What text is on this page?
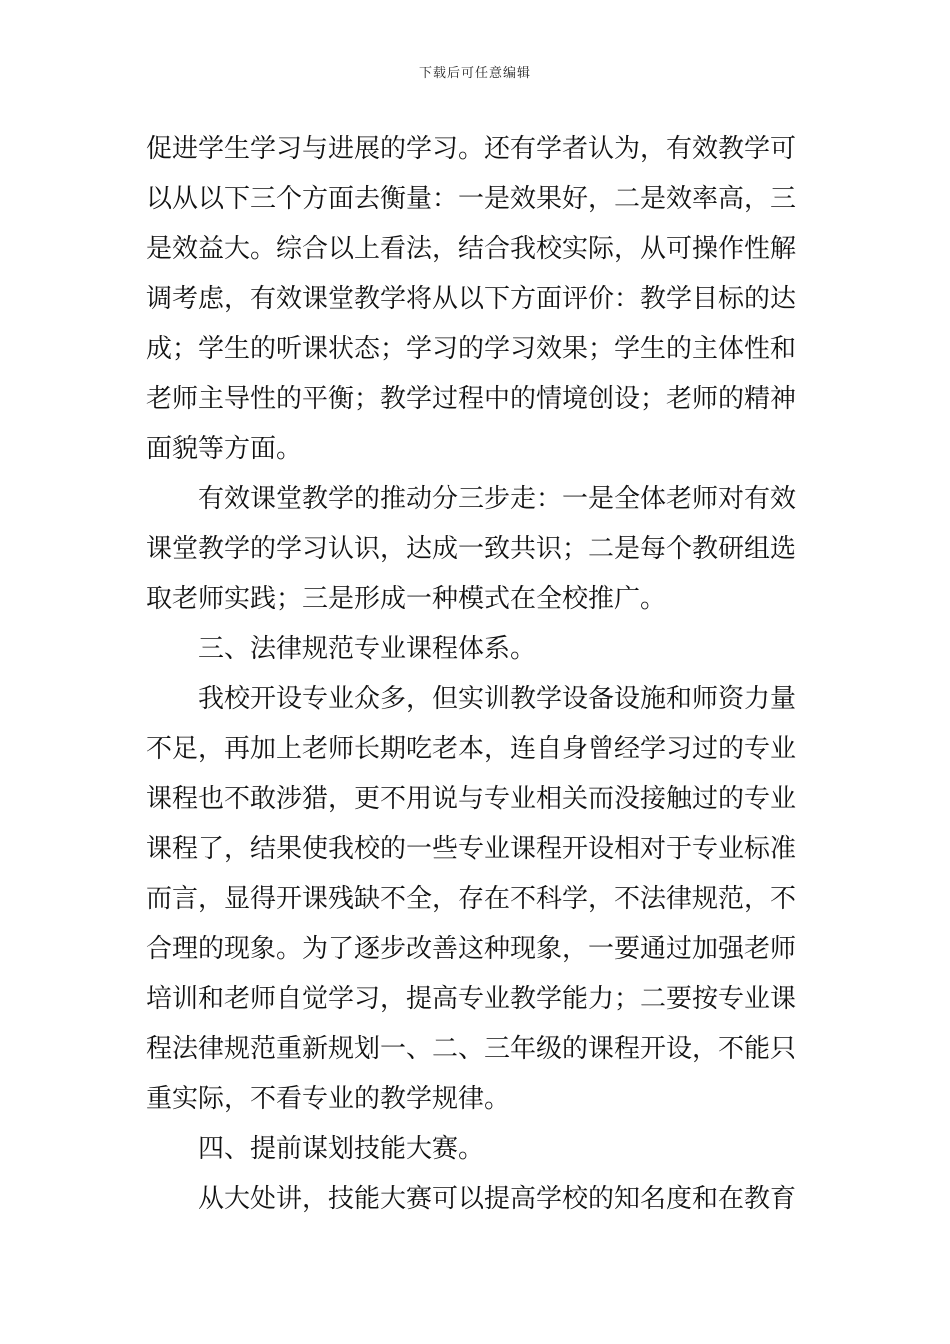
下载后可任意编辑
促进学生学习与进展的学习。还有学者认为，有效教学可
以从以下三个方面去衡量：一是效果好，二是效率高，三
是效益大。综合以上看法，结合我校实际，从可操作性解
调考虑，有效课堂教学将从以下方面评价：教学目标的达
成；学生的听课状态；学习的学习效果；学生的主体性和
老师主导性的平衡；教学过程中的情境创设；老师的精神
面貌等方面。
有效课堂教学的推动分三步走：一是全体老师对有效
课堂教学的学习认识，达成一致共识；二是每个教研组选
取老师实践；三是形成一种模式在全校推广。
三、法律规范专业课程体系。
我校开设专业众多，但实训教学设备设施和师资力量
不足，再加上老师长期吃老本，连自身曾经学习过的专业
课程也不敢涉猎，更不用说与专业相关而没接触过的专业
课程了，结果使我校的一些专业课程开设相对于专业标准
而言，显得开课残缺不全，存在不科学，不法律规范，不
合理的现象。为了逐步改善这种现象，一要通过加强老师
培训和老师自觉学习，提高专业教学能力；二要按专业课
程法律规范重新规划一、二、三年级的课程开设，不能只
重实际，不看专业的教学规律。
四、提前谋划技能大赛。
从大处讲，技能大赛可以提高学校的知名度和在教育
